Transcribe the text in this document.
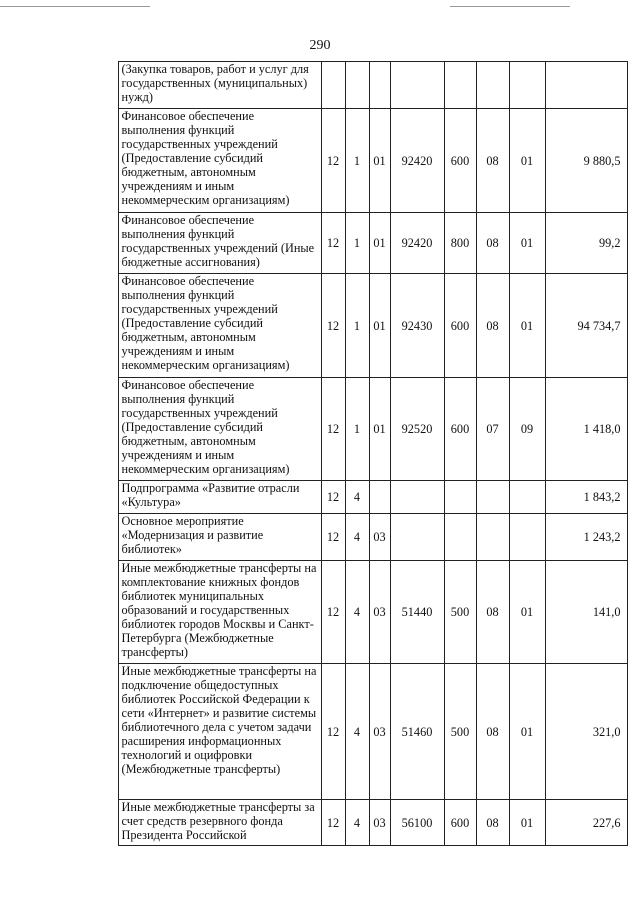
290
	(Закупка товаров, работ и услуг для государственных (муниципальных) нужд)								
	Финансовое обеспечение выполнения функций государственных учреждений (Предоставление субсидий бюджетным, автономным учреждениям и иным некоммерческим организациям)	12	1	01	92420	600	08	01	9 880,5
	Финансовое обеспечение выполнения функций государственных учреждений (Иные бюджетные ассигнования)	12	1	01	92420	800	08	01	99,2
	Финансовое обеспечение выполнения функций государственных учреждений (Предоставление субсидий бюджетным, автономным учреждениям и иным некоммерческим организациям)	12	1	01	92430	600	08	01	94 734,7
	Финансовое обеспечение выполнения функций государственных учреждений (Предоставление субсидий бюджетным, автономным учреждениям и иным некоммерческим организациям)	12	1	01	92520	600	07	09	1 418,0
	Подпрограмма «Развитие отрасли «Культура»	12	4						1 843,2
	Основное мероприятие «Модернизация и развитие библиотек»	12	4	03					1 243,2
	Иные межбюджетные трансферты на комплектование книжных фондов библиотек муниципальных образований и государственных библиотек городов Москвы и Санкт-Петербурга (Межбюджетные трансферты)	12	4	03	51440	500	08	01	141,0
	Иные межбюджетные трансферты на подключение общедоступных библиотек Российской Федерации к сети «Интернет» и развитие системы библиотечного дела с учетом задачи расширения информационных технологий и оцифровки (Межбюджетные трансферты)	12	4	03	51460	500	08	01	321,0
	Иные межбюджетные трансферты за счет средств резервного фонда Президента Российской	12	4	03	56100	600	08	01	227,6
